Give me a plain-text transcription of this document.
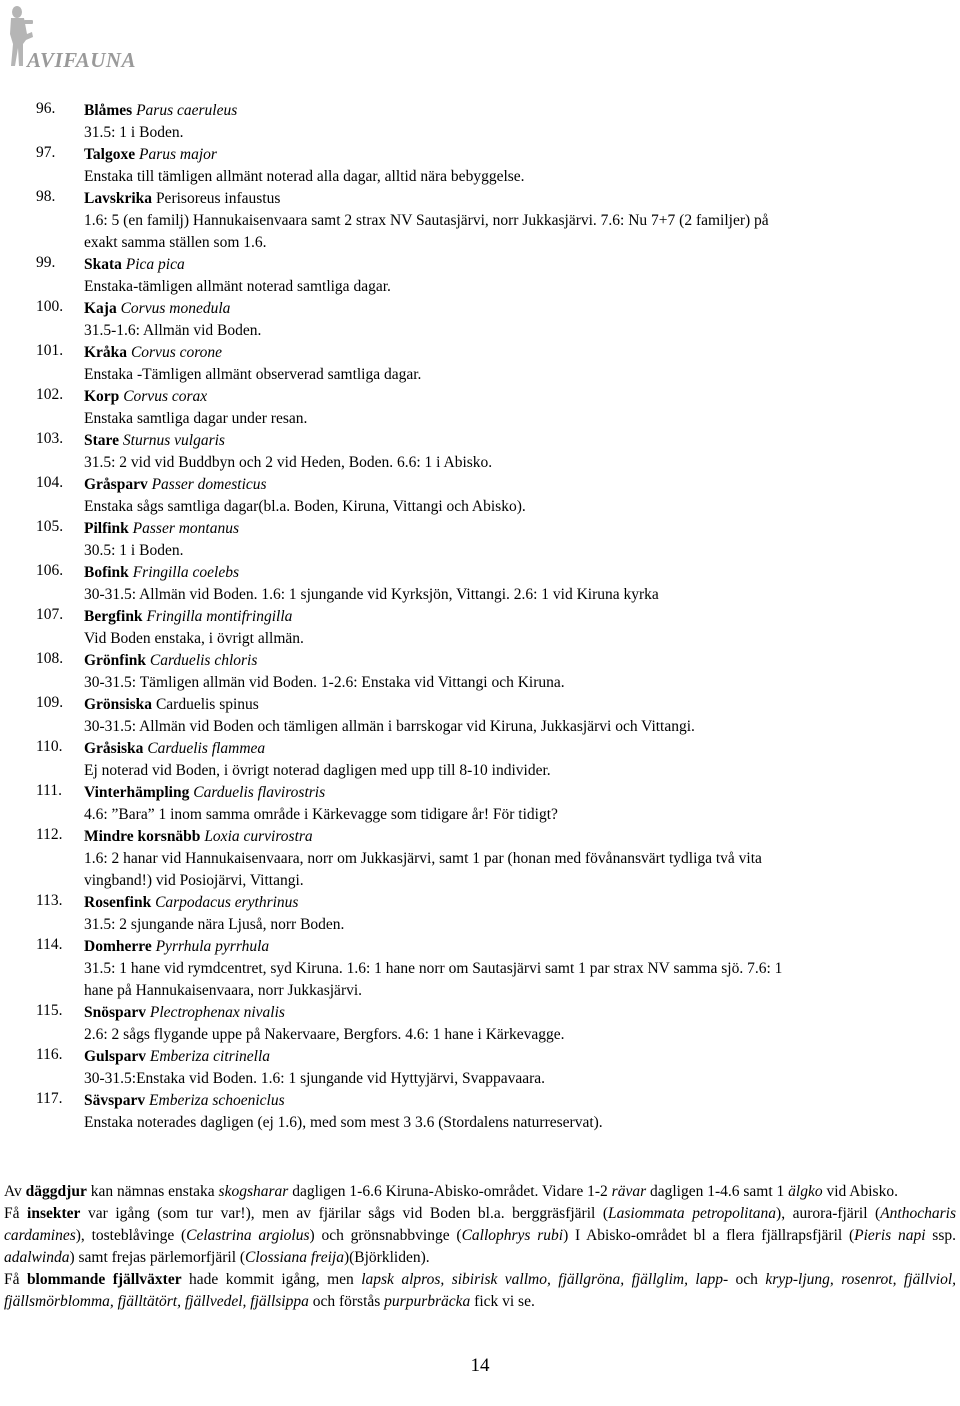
AVIFAUNA
96. Blåmes Parus caeruleus
31.5: 1 i Boden.
97. Talgoxe Parus major
Enstaka till tämligen allmänt noterad alla dagar, alltid nära bebyggelse.
98. Lavskrika Perisoreus infaustus
1.6: 5 (en familj) Hannukaisenvaara samt 2 strax NV Sautasjärvi, norr Jukkasjärvi. 7.6: Nu 7+7 (2 familjer) på
exakt samma ställen som 1.6.
99. Skata Pica pica
Enstaka-tämligen allmänt noterad samtliga dagar.
100. Kaja Corvus monedula
31.5-1.6: Allmän vid Boden.
101. Kråka Corvus corone
Enstaka -Tämligen allmänt observerad samtliga dagar.
102. Korp Corvus corax
Enstaka samtliga dagar under resan.
103. Stare Sturnus vulgaris
31.5: 2 vid vid Buddbyn och 2 vid Heden, Boden. 6.6: 1 i Abisko.
104. Gråsparv Passer domesticus
Enstaka sågs samtliga dagar(bl.a. Boden, Kiruna, Vittangi och Abisko).
105. Pilfink Passer montanus
30.5: 1 i Boden.
106. Bofink Fringilla coelebs
30-31.5: Allmän vid Boden. 1.6: 1 sjungande vid Kyrksjön, Vittangi. 2.6: 1 vid Kiruna kyrka
107. Bergfink Fringilla montifringilla
Vid Boden enstaka, i övrigt allmän.
108. Grönfink Carduelis chloris
30-31.5: Tämligen allmän vid Boden. 1-2.6: Enstaka vid Vittangi och Kiruna.
109. Grönsiska Carduelis spinus
30-31.5: Allmän vid Boden och tämligen allmän i barrskogar vid Kiruna, Jukkasjärvi och Vittangi.
110. Gråsiska Carduelis flammea
Ej noterad vid Boden, i övrigt noterad dagligen med upp till 8-10 individer.
111. Vinterhämpling Carduelis flavirostris
4.6: ”Bara” 1 inom samma område i Kärkevagge som tidigare år! För tidigt?
112. Mindre korsnäbb Loxia curvirostra
1.6: 2 hanar vid Hannukaisenvaara, norr om Jukkasjärvi, samt 1 par (honan med fövånansvärt tydliga två vita
vingband!) vid Posiojärvi, Vittangi.
113. Rosenfink Carpodacus erythrinus
31.5: 2 sjungande nära Ljuså, norr Boden.
114. Domherre Pyrrhula pyrrhula
31.5: 1 hane vid rymdcentret, syd Kiruna. 1.6: 1 hane norr om Sautasjärvi samt 1 par strax NV samma sjö. 7.6: 1
hane på Hannukaisenvaara, norr Jukkasjärvi.
115. Snösparv Plectrophenax nivalis
2.6: 2 sågs flygande uppe på Nakervaare, Bergfors. 4.6: 1 hane i Kärkevagge.
116. Gulsparv Emberiza citrinella
30-31.5:Enstaka vid Boden. 1.6: 1 sjungande vid Hyttyjärvi, Svappavaara.
117. Sävsparv Emberiza schoeniclus
Enstaka noterades dagligen (ej 1.6), med som mest 3 3.6 (Stordalens naturreservat).

Av däggdjur kan nämnas enstaka skogsharar dagligen 1-6.6 Kiruna-Abisko-området. Vidare 1-2 rävar dagligen 1-4.6 samt 1 älgko vid Abisko.

Få insekter var igång (som tur var!), men av fjärilar sågs vid Boden bl.a. berggräsfjäril (Lasiommata petropolitana), aurora-fjäril (Anthocharis cardamines), tosteblåvinge (Celastrina argiolus) och grönsnabbvinge (Callophrys rubi) I Abisko-området bl a flera fjällrapsfjäril (Pieris napi ssp. adalwinda) samt frejas pärlemorfjäril (Clossiana freija)(Björkliden).

Få blommande fjällväxter hade kommit igång, men lapsk alpros, sibirisk vallmo, fjällgröna, fjällglim, lapp- och kryp-ljung, rosenrot, fjällviol, fjällsmörblomma, fjälltätört, fjällvedel, fjällsippa och förstås purpurbräcka fick vi se.

14
